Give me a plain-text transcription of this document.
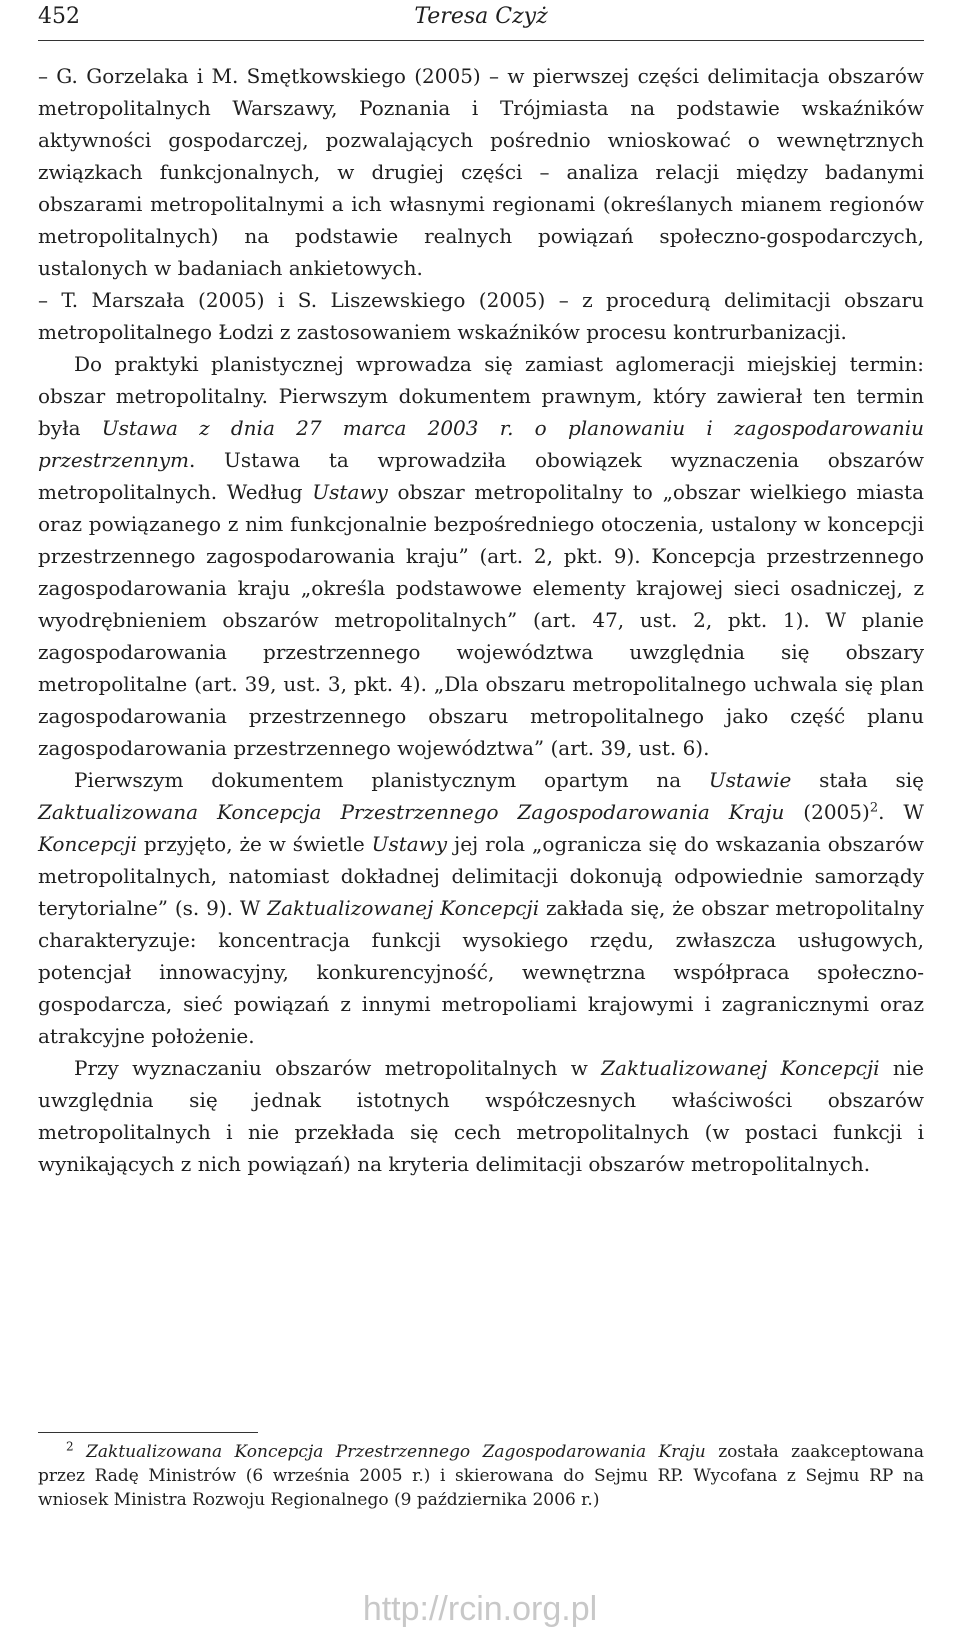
452	Teresa Czyż

– G. Gorzelaka i M. Smętkowskiego (2005) – w pierwszej części delimitacja obszarów metropolitalnych Warszawy, Poznania i Trójmiasta na podstawie wskaźników aktywności gospodarczej, pozwalających pośrednio wnioskować o wewnętrznych związkach funkcjonalnych, w drugiej części – analiza relacji między badanymi obszarami metropolitalnymi a ich własnymi regionami (określanych mianem regionów metropolitalnych) na podstawie realnych powiązań społeczno-gospodarczych, ustalonych w badaniach ankietowych.

– T. Marszała (2005) i S. Liszewskiego (2005) – z procedurą delimitacji obszaru metropolitalnego Łodzi z zastosowaniem wskaźników procesu kontrurbanizacji.

Do praktyki planistycznej wprowadza się zamiast aglomeracji miejskiej termin: obszar metropolitalny. Pierwszym dokumentem prawnym, który zawierał ten termin była Ustawa z dnia 27 marca 2003 r. o planowaniu i zagospodarowaniu przestrzennym. Ustawa ta wprowadziła obowiązek wyznaczenia obszarów metropolitalnych. Według Ustawy obszar metropolitalny to „obszar wielkiego miasta oraz powiązanego z nim funkcjonalnie bezpośredniego otoczenia, ustalony w koncepcji przestrzennego zagospodarowania kraju” (art. 2, pkt. 9). Koncepcja przestrzennego zagospodarowania kraju „określa podstawowe elementy krajowej sieci osadniczej, z wyodrębnieniem obszarów metropolitalnych” (art. 47, ust. 2, pkt. 1). W planie zagospodarowania przestrzennego województwa uwzględnia się obszary metropolitalne (art. 39, ust. 3, pkt. 4). „Dla obszaru metropolitalnego uchwala się plan zagospodarowania przestrzennego obszaru metropolitalnego jako część planu zagospodarowania przestrzennego województwa” (art. 39, ust. 6).

Pierwszym dokumentem planistycznym opartym na Ustawie stała się Zaktualizowana Koncepcja Przestrzennego Zagospodarowania Kraju $(2005)^2$. W Koncepcji przyjęto, że w świetle Ustawy jej rola „ogranicza się do wskazania obszarów metropolitalnych, natomiast dokładnej delimitacji dokonują odpowiednie samorządy terytorialne” (s. 9). W Zaktualizowanej Koncepcji zakłada się, że obszar metropolitalny charakteryzuje: koncentracja funkcji wysokiego rzędu, zwłaszcza usługowych, potencjał innowacyjny, konkurencyjność, wewnętrzna współpraca społeczno-gospodarcza, sieć powiązań z innymi metropoliami krajowymi i zagranicznymi oraz atrakcyjne położenie.

Przy wyznaczaniu obszarów metropolitalnych w Zaktualizowanej Koncepcji nie uwzględnia się jednak istotnych współczesnych właściwości obszarów metropolitalnych i nie przekłada się cech metropolitalnych (w postaci funkcji i wynikających z nich powiązań) na kryteria delimitacji obszarów metropolitalnych.

$^2$ Zaktualizowana Koncepcja Przestrzennego Zagospodarowania Kraju została zaakceptowana przez Radę Ministrów (6 września 2005 r.) i skierowana do Sejmu RP. Wycofana z Sejmu RP na wniosek Ministra Rozwoju Regionalnego (9 października 2006 r.)

http://rcin.org.pl
